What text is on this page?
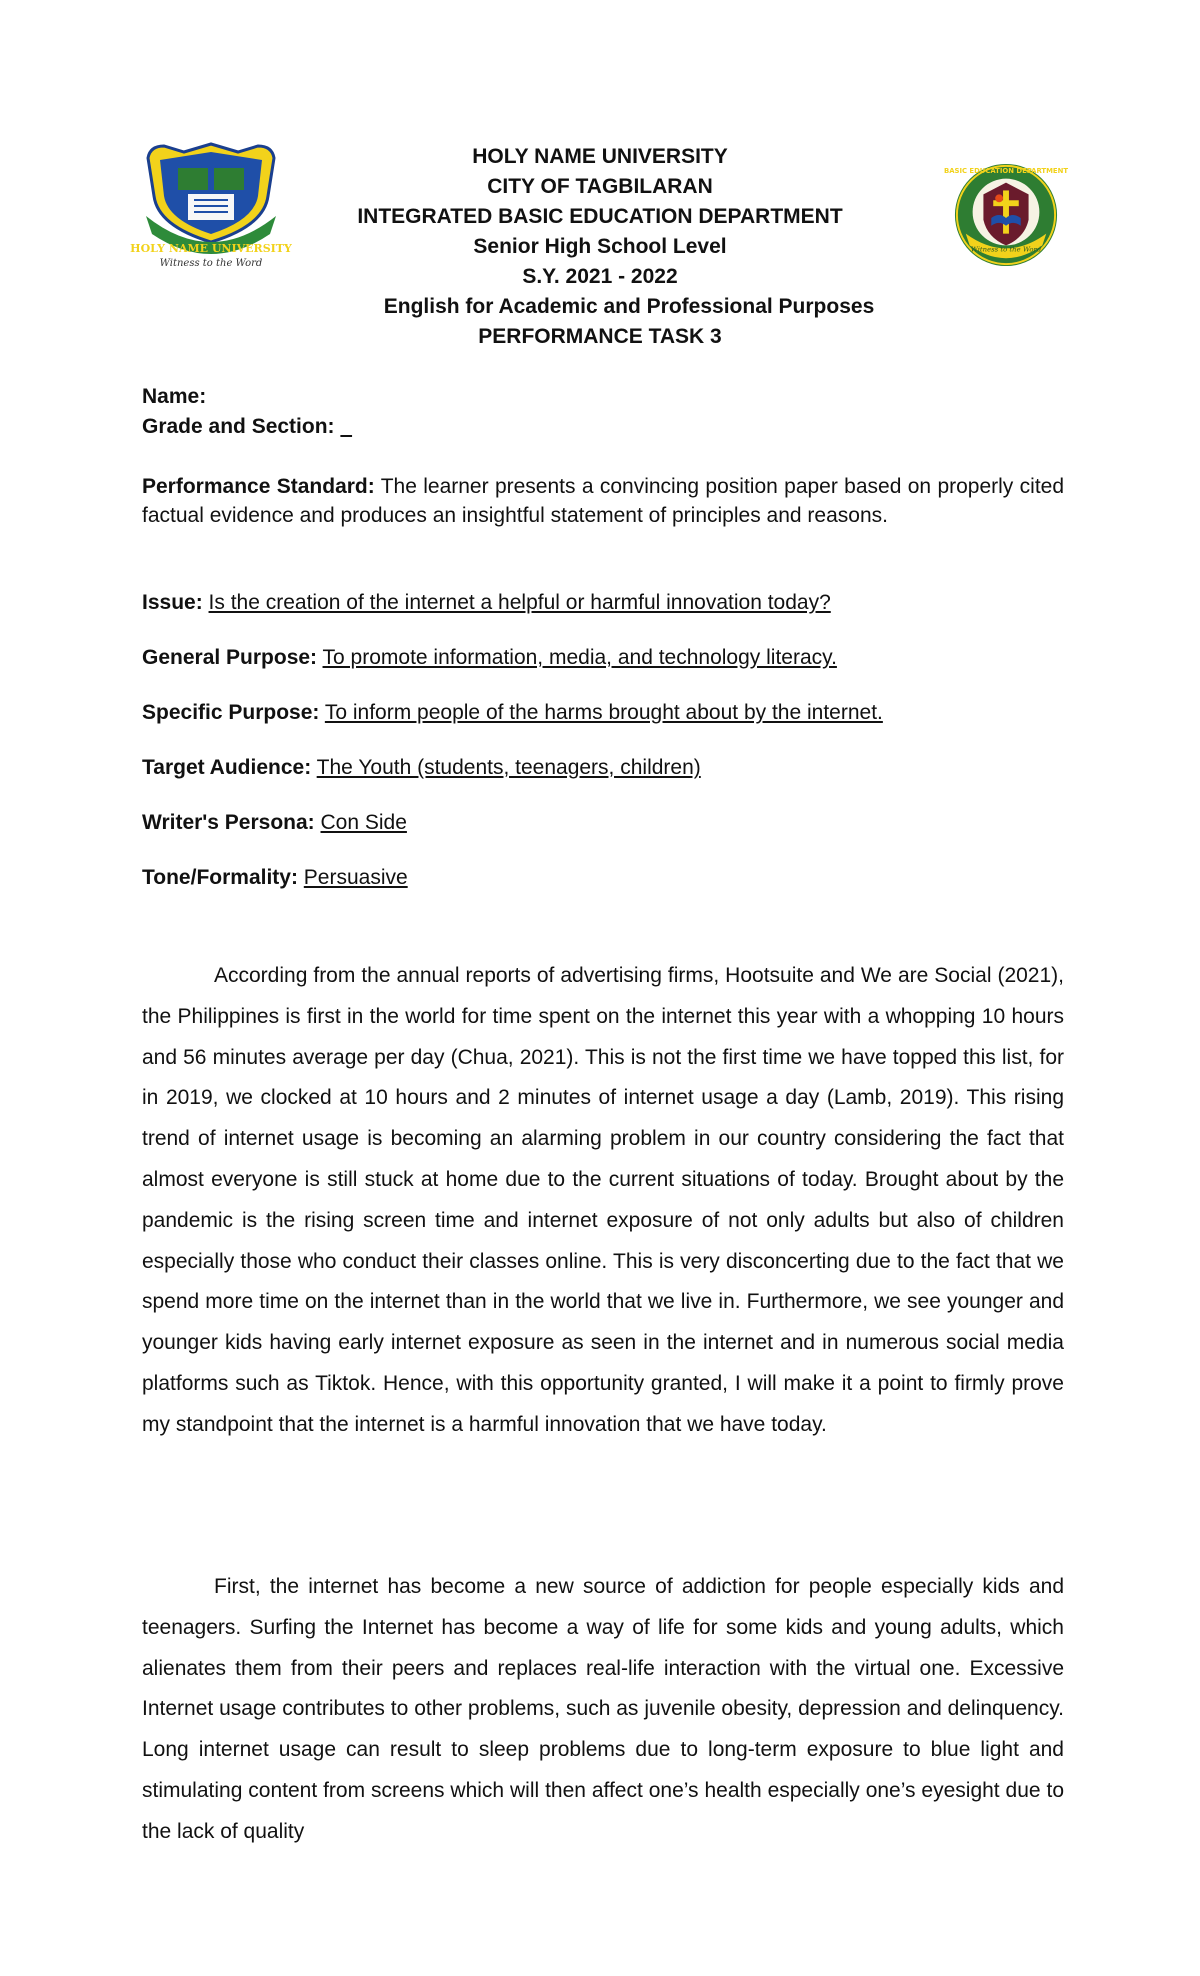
HOLY NAME UNIVERSITY
Witness to the Word
BASIC EDUCATION DEPARTMENT
Witness to the Word
HOLY NAME UNIVERSITY
CITY OF TAGBILARAN
INTEGRATED BASIC EDUCATION DEPARTMENT
Senior High School Level
S.Y. 2021 - 2022
English for Academic and Professional Purposes
PERFORMANCE TASK 3
Name:
Grade and Section:
Performance Standard: The learner presents a convincing position paper based on properly cited factual evidence and produces an insightful statement of principles and reasons.
Issue: Is the creation of the internet a helpful or harmful innovation today?
General Purpose: To promote information, media, and technology literacy.
Specific Purpose: To inform people of the harms brought about by the internet.
Target Audience: The Youth (students, teenagers, children)
Writer's Persona: Con Side
Tone/Formality: Persuasive

According from the annual reports of advertising firms, Hootsuite and We are Social (2021), the Philippines is first in the world for time spent on the internet this year with a whopping 10 hours and 56 minutes average per day (Chua, 2021). This is not the first time we have topped this list, for in 2019, we clocked at 10 hours and 2 minutes of internet usage a day (Lamb, 2019). This rising trend of internet usage is becoming an alarming problem in our country considering the fact that almost everyone is still stuck at home due to the current situations of today. Brought about by the pandemic is the rising screen time and internet exposure of not only adults but also of children especially those who conduct their classes online. This is very disconcerting due to the fact that we spend more time on the internet than in the world that we live in. Furthermore, we see younger and younger kids having early internet exposure as seen in the internet and in numerous social media platforms such as Tiktok. Hence, with this opportunity granted, I will make it a point to firmly prove my standpoint that the internet is a harmful innovation that we have today.

First, the internet has become a new source of addiction for people especially kids and teenagers. Surfing the Internet has become a way of life for some kids and young adults, which alienates them from their peers and replaces real-life interaction with the virtual one. Excessive Internet usage contributes to other problems, such as juvenile obesity, depression and delinquency. Long internet usage can result to sleep problems due to long-term exposure to blue light and stimulating content from screens which will then affect one’s health especially one’s eyesight due to the lack of quality
